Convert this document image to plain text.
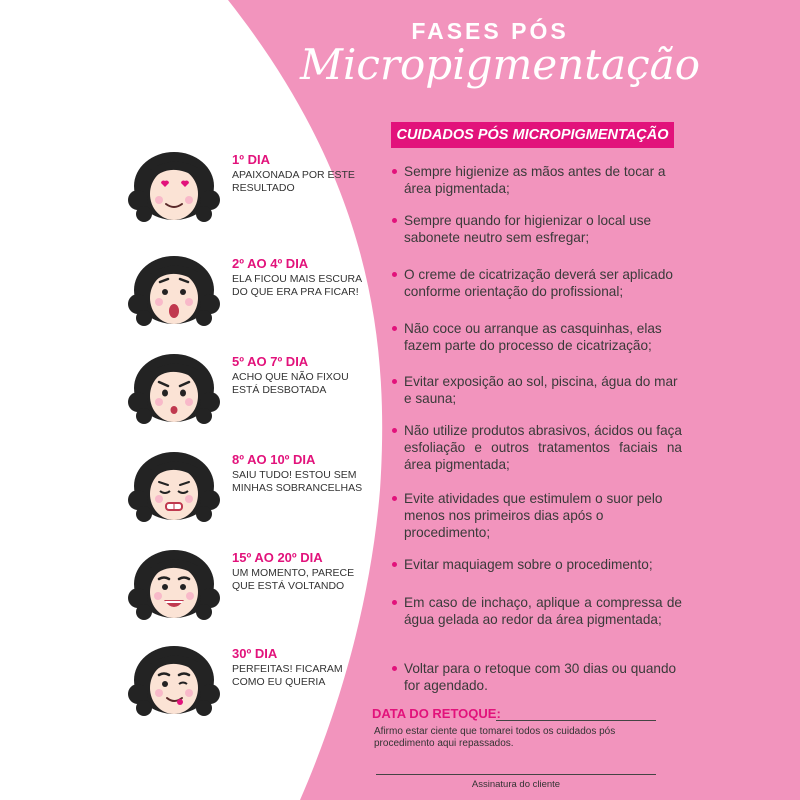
FASES PÓS
Micropigmentação
1º DIA
APAIXONADA POR ESTE RESULTADO
2º AO 4º DIA
ELA FICOU MAIS ESCURA DO QUE ERA PRA FICAR!
5º AO 7º DIA
ACHO QUE NÃO FIXOU ESTÁ DESBOTADA
8º AO 10º DIA
SAIU TUDO! ESTOU SEM MINHAS SOBRANCELHAS
15º AO 20º DIA
UM MOMENTO, PARECE QUE ESTÁ VOLTANDO
30º DIA
PERFEITAS! FICARAM COMO EU QUERIA
CUIDADOS PÓS MICROPIGMENTAÇÃO
Sempre higienize as mãos antes de tocar a área pigmentada;
Sempre quando for higienizar o local use sabonete neutro sem esfregar;
O creme de cicatrização deverá ser aplicado conforme orientação do profissional;
Não coce ou arranque as casquinhas, elas fazem parte do processo de cicatrização;
Evitar exposição ao sol, piscina, água do mar e sauna;
Não utilize produtos abrasivos, ácidos ou faça esfoliação e outros tratamentos faciais na área pigmentada;
Evite atividades que estimulem o suor pelo menos nos primeiros dias após o procedimento;
Evitar maquiagem sobre o procedimento;
Em caso de inchaço, aplique a compressa de água gelada ao redor da área pigmentada;
Voltar para o retoque com 30 dias ou quando for agendado.
DATA DO RETOQUE:
Afirmo estar ciente que tomarei todos os cuidados pós procedimento aqui repassados.
Assinatura do cliente
